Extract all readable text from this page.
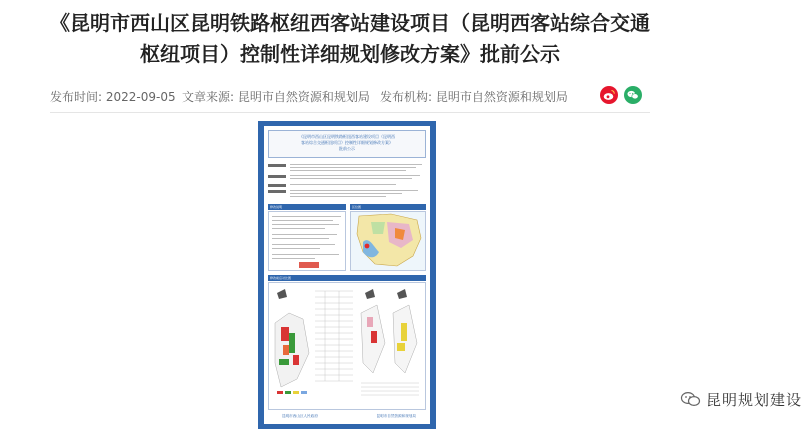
《昆明市西山区昆明铁路枢纽西客站建设项目（昆明西客站综合交通
枢纽项目）控制性详细规划修改方案》批前公示
发布时间: 2022-09-05 文章来源: 昆明市自然资源和规划局 发布机构: 昆明市自然资源和规划局
《昆明市西山区昆明铁路枢纽西客站建设项目（昆明西
客站综合交通枢纽项目）控制性详细规划修改方案》
批前公示
修改说明	区位图
修改前后对比图
昆明市西山区人民政府	昆明市自然资源和规划局
昆明规划建设
